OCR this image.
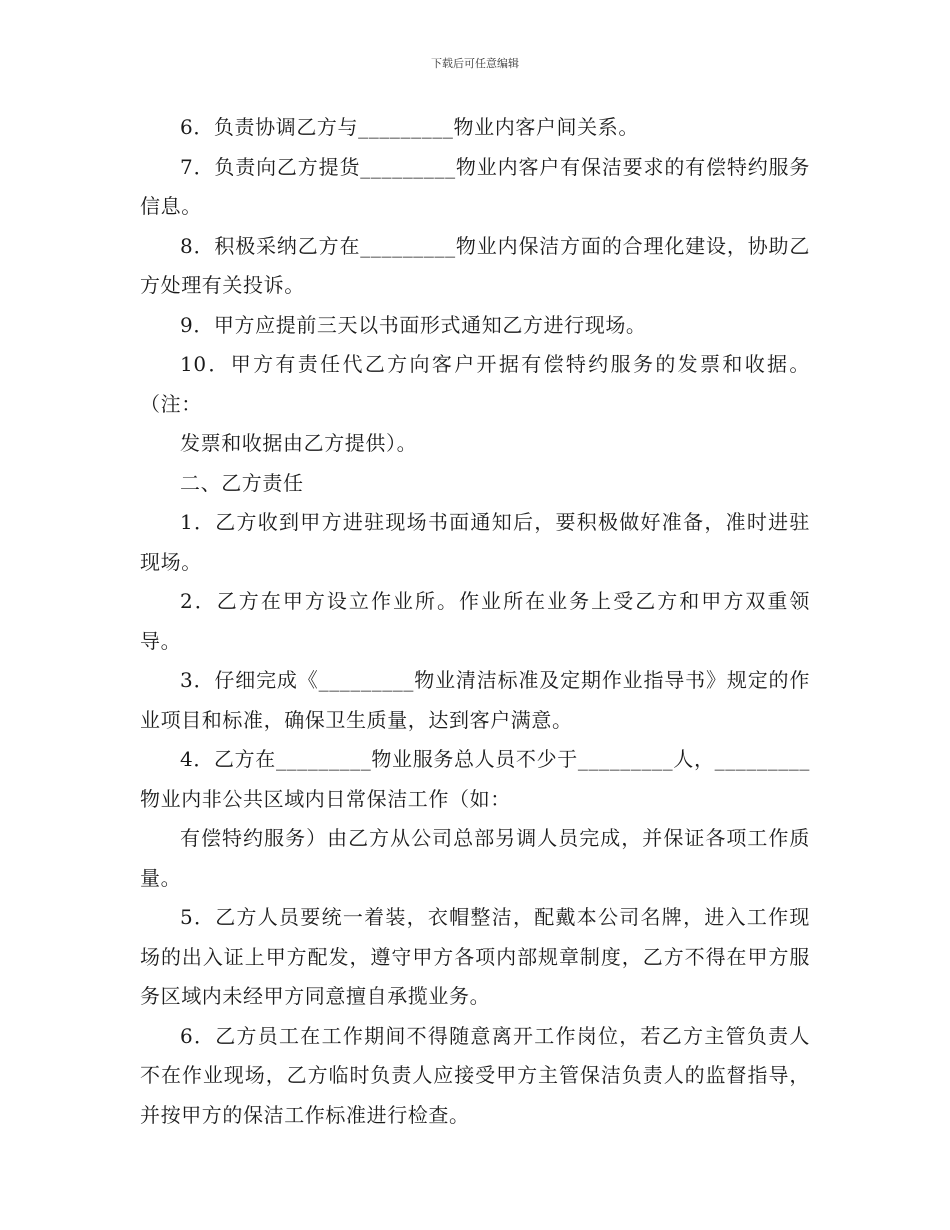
下载后可任意编辑

6．负责协调乙方与_________物业内客户间关系。

7．负责向乙方提货_________物业内客户有保洁要求的有偿特约服务信息。

8．积极采纳乙方在_________物业内保洁方面的合理化建设，协助乙方处理有关投诉。

9．甲方应提前三天以书面形式通知乙方进行现场。

10．甲方有责任代乙方向客户开据有偿特约服务的发票和收据。（注：

发票和收据由乙方提供）。

二、乙方责任

1．乙方收到甲方进驻现场书面通知后，要积极做好准备，准时进驻现场。

2．乙方在甲方设立作业所。作业所在业务上受乙方和甲方双重领导。

3．仔细完成《_________物业清洁标准及定期作业指导书》规定的作业项目和标准，确保卫生质量，达到客户满意。

4．乙方在_________物业服务总人员不少于_________人，_________物业内非公共区域内日常保洁工作（如：

有偿特约服务）由乙方从公司总部另调人员完成，并保证各项工作质量。

5．乙方人员要统一着装，衣帽整洁，配戴本公司名牌，进入工作现场的出入证上甲方配发，遵守甲方各项内部规章制度，乙方不得在甲方服务区域内未经甲方同意擅自承揽业务。

6．乙方员工在工作期间不得随意离开工作岗位，若乙方主管负责人不在作业现场，乙方临时负责人应接受甲方主管保洁负责人的监督指导，并按甲方的保洁工作标准进行检查。
